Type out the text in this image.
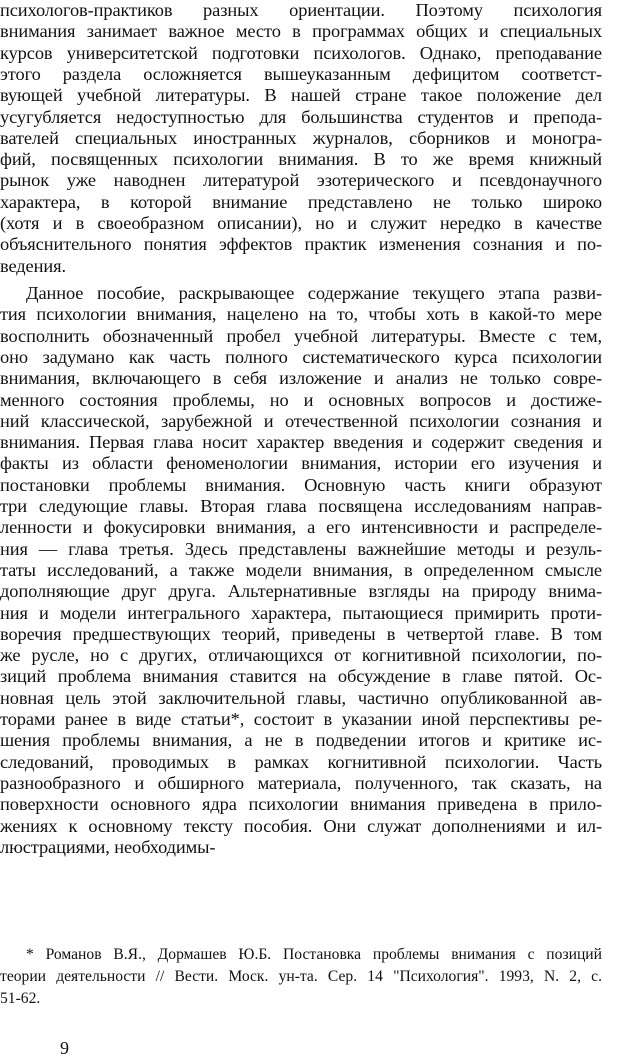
психологов-практиков разных ориентации. Поэтому психология
внимания занимает важное место в программах общих и специальных
курсов университетской подготовки психологов. Однако, преподавание
этого раздела осложняется вышеуказанным дефицитом соответст-
вующей учебной литературы. В нашей стране такое положение дел
усугубляется недоступностью для большинства студентов и препода-
вателей специальных иностранных журналов, сборников и моногра-
фий, посвященных психологии внимания. В то же время книжный
рынок уже наводнен литературой эзотерического и псевдонаучного
характера, в которой внимание представлено не только широко
(хотя и в своеобразном описании), но и служит нередко в качестве
объяснительного понятия эффектов практик изменения сознания и по-
ведения.
Данное пособие, раскрывающее содержание текущего этапа разви-
тия психологии внимания, нацелено на то, чтобы хоть в какой-то мере
восполнить обозначенный пробел учебной литературы. Вместе с тем,
оно задумано как часть полного систематического курса психологии
внимания, включающего в себя изложение и анализ не только совре-
менного состояния проблемы, но и основных вопросов и достиже-
ний классической, зарубежной и отечественной психологии сознания и
внимания. Первая глава носит характер введения и содержит сведения и
факты из области феноменологии внимания, истории его изучения и
постановки проблемы внимания. Основную часть книги образуют
три следующие главы. Вторая глава посвящена исследованиям направ-
ленности и фокусировки внимания, а его интенсивности и распределе-
ния — глава третья. Здесь представлены важнейшие методы и резуль-
таты исследований, а также модели внимания, в определенном смысле
дополняющие друг друга. Альтернативные взгляды на природу внима-
ния и модели интегрального характера, пытающиеся примирить проти-
воречия предшествующих теорий, приведены в четвертой главе. В том
же русле, но с других, отличающихся от когнитивной психологии, по-
зиций проблема внимания ставится на обсуждение в главе пятой. Ос-
новная цель этой заключительной главы, частично опубликованной ав-
торами ранее в виде статьи*, состоит в указании иной перспективы ре-
шения проблемы внимания, а не в подведении итогов и критике ис-
следований, проводимых в рамках когнитивной психологии. Часть
разнообразного и обширного материала, полученного, так сказать, на
поверхности основного ядра психологии внимания приведена в прило-
жениях к основному тексту пособия. Они служат дополнениями и ил-
люстрациями, необходимы-
* Романов В.Я., Дормашев Ю.Б. Постановка проблемы внимания с позиций
теории деятельности // Вести. Моск. ун-та. Сер. 14 "Психология". 1993, N. 2, с.
51-62.
9
